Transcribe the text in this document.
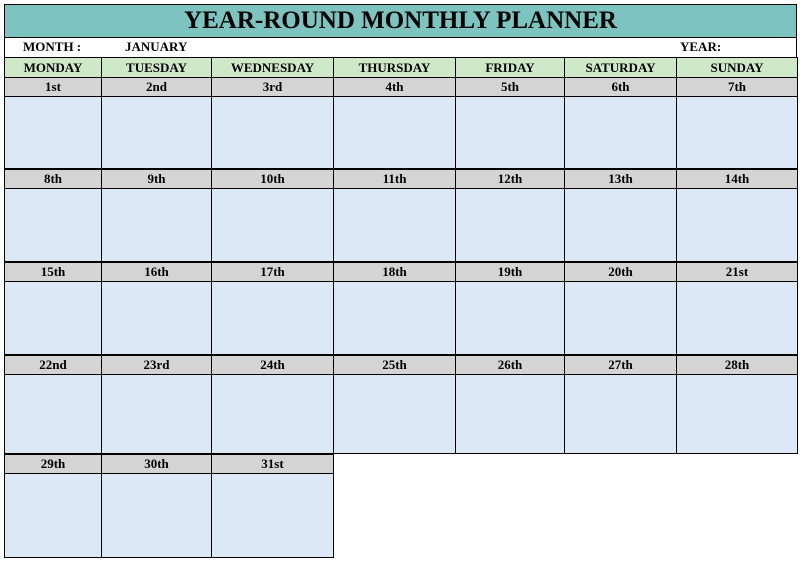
YEAR-ROUND MONTHLY PLANNER
MONTH :	JANUARY	YEAR:
MONDAY	TUESDAY	WEDNESDAY	THURSDAY	FRIDAY	SATURDAY	SUNDAY
1st	2nd	3rd	4th	5th	6th	7th
8th	9th	10th	11th	12th	13th	14th
15th	16th	17th	18th	19th	20th	21st
22nd	23rd	24th	25th	26th	27th	28th
29th	30th	31st
